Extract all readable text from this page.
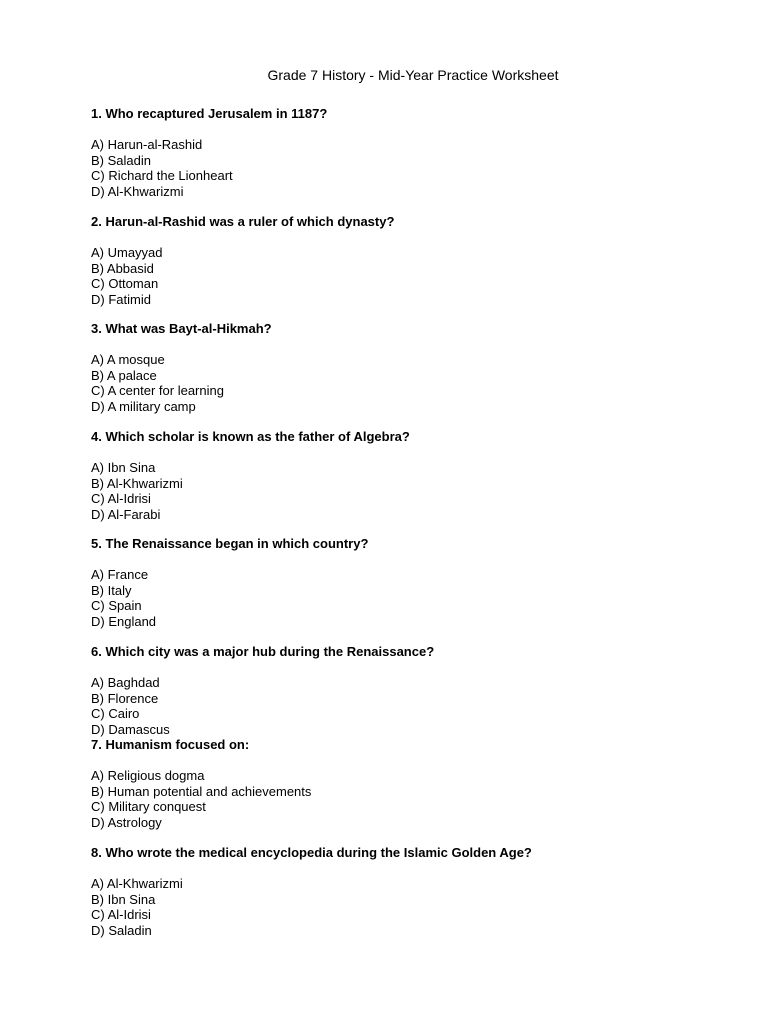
Grade 7 History - Mid-Year Practice Worksheet

1. Who recaptured Jerusalem in 1187?

A) Harun-al-Rashid

B) Saladin

C) Richard the Lionheart

D) Al-Khwarizmi

2. Harun-al-Rashid was a ruler of which dynasty?

A) Umayyad

B) Abbasid

C) Ottoman

D) Fatimid

3. What was Bayt-al-Hikmah?

A) A mosque

B) A palace

C) A center for learning

D) A military camp

4. Which scholar is known as the father of Algebra?

A) Ibn Sina

B) Al-Khwarizmi

C) Al-Idrisi

D) Al-Farabi

5. The Renaissance began in which country?

A) France

B) Italy

C) Spain

D) England

6. Which city was a major hub during the Renaissance?

A) Baghdad

B) Florence

C) Cairo

D) Damascus

7. Humanism focused on:

A) Religious dogma

B) Human potential and achievements

C) Military conquest

D) Astrology

8. Who wrote the medical encyclopedia during the Islamic Golden Age?

A) Al-Khwarizmi

B) Ibn Sina

C) Al-Idrisi

D) Saladin
